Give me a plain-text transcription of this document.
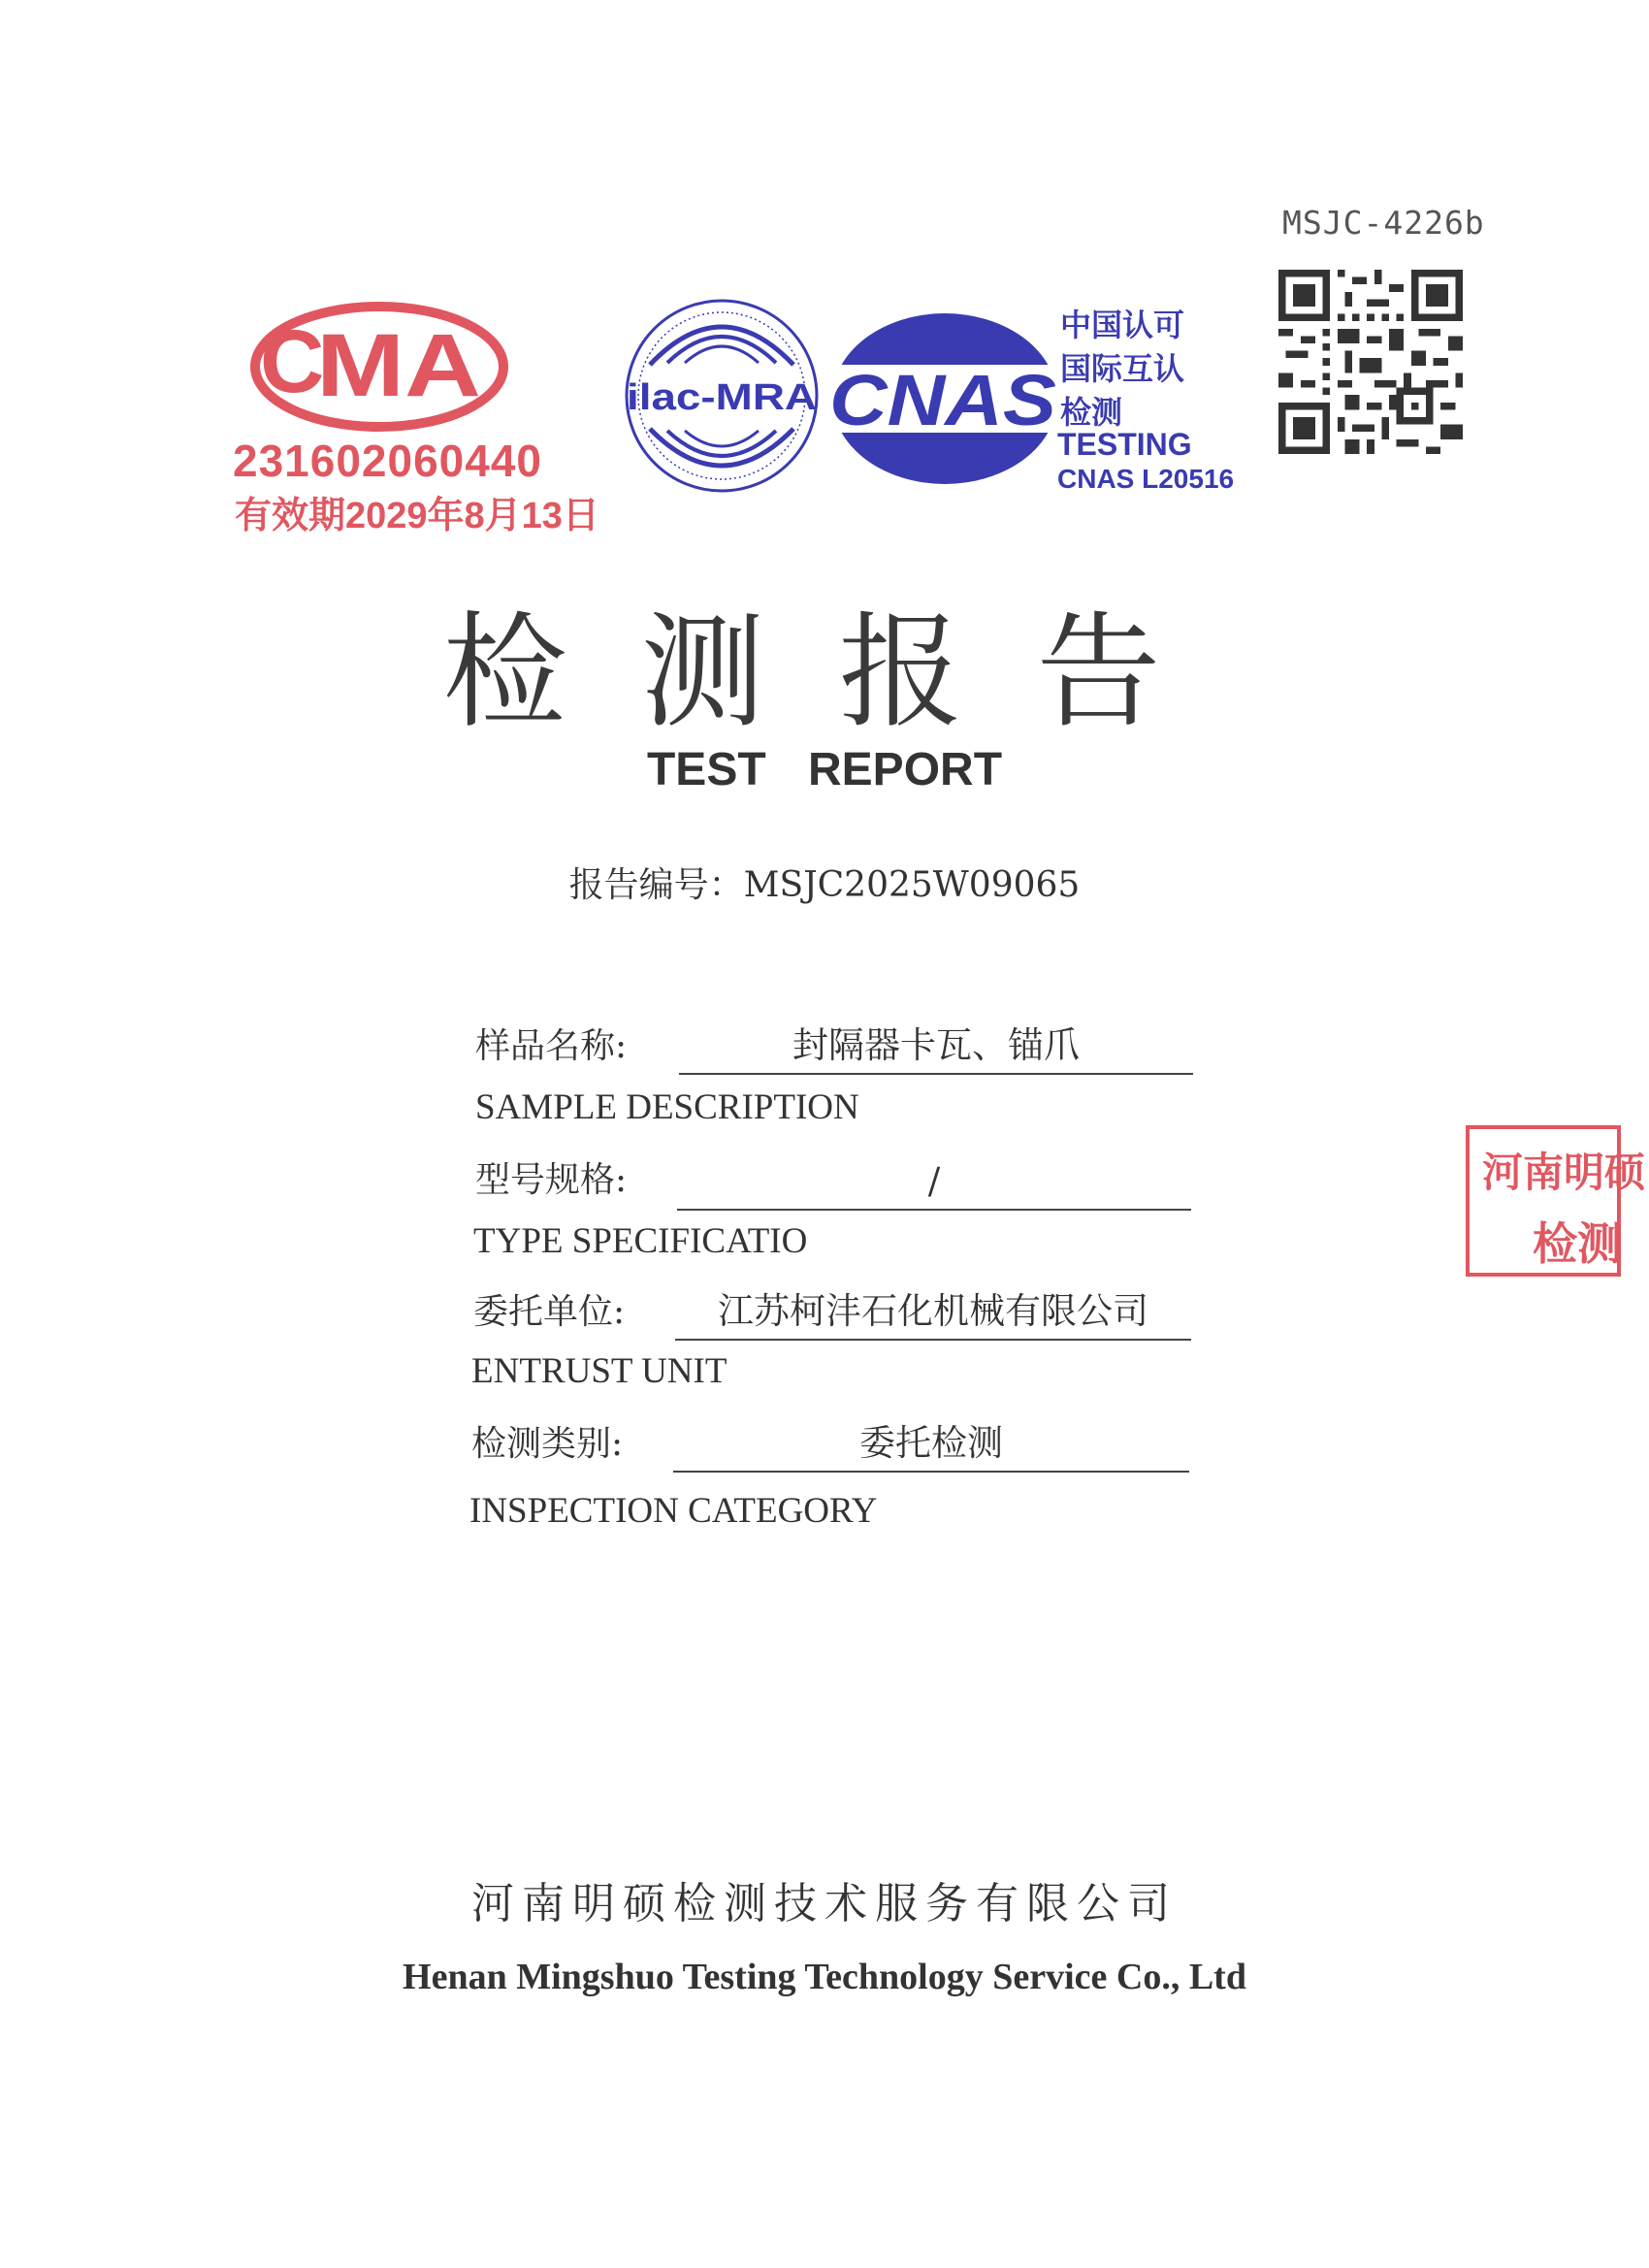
MSJC-4226b
C
MA
231602060440
有效期2029年8月13日
ilac-MRA CNAS
中国认可
国际互认
检测
TESTING
CNAS L20516
检测报告
TEST REPORT
报告编号：MSJC2025W09065
样品名称:	封隔器卡瓦、锚爪
SAMPLE DESCRIPTION
型号规格:	/
TYPE SPECIFICATIO
委托单位:	江苏柯沣石化机械有限公司
ENTRUST UNIT
检测类别:	委托检测
INSPECTION CATEGORY
河南明硕
检测
河南明硕检测技术服务有限公司
Henan Mingshuo Testing Technology Service Co., Ltd
